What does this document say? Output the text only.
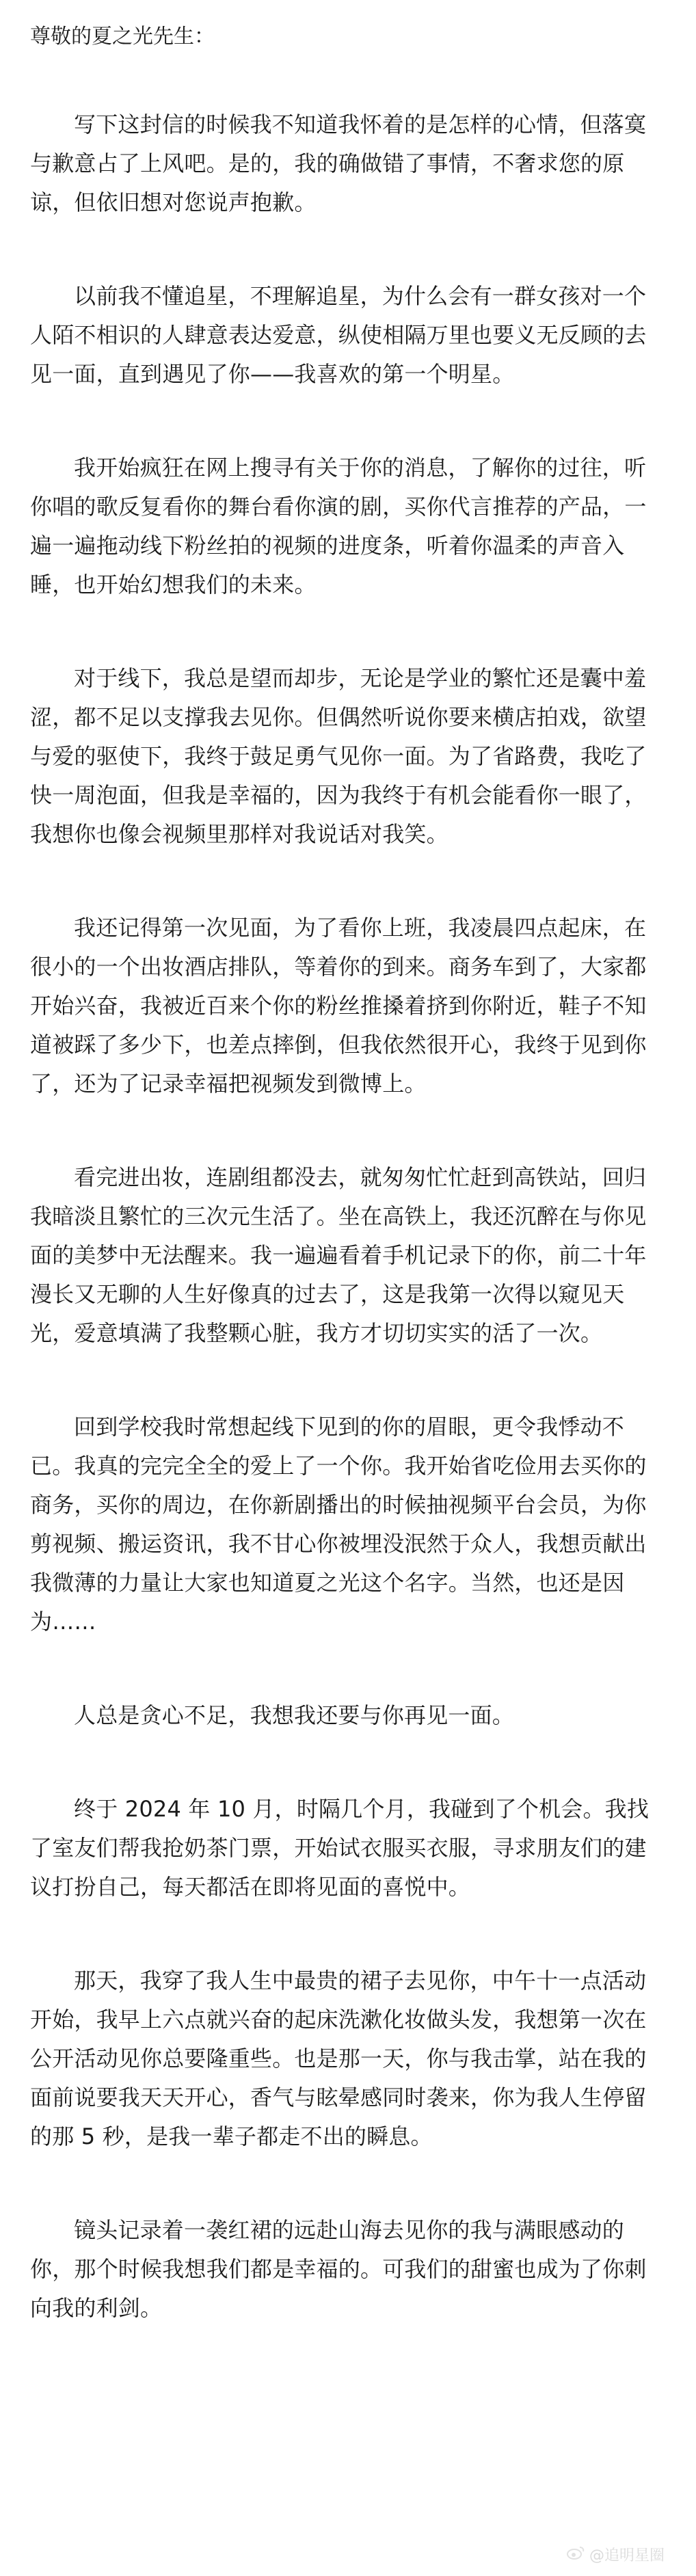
尊敬的夏之光先生：

写下这封信的时候我不知道我怀着的是怎样的心情，但落寞与歉意占了上风吧。是的，我的确做错了事情，不奢求您的原谅，但依旧想对您说声抱歉。

以前我不懂追星，不理解追星，为什么会有一群女孩对一个人陌不相识的人肆意表达爱意，纵使相隔万里也要义无反顾的去见一面，直到遇见了你——我喜欢的第一个明星。

我开始疯狂在网上搜寻有关于你的消息，了解你的过往，听你唱的歌反复看你的舞台看你演的剧，买你代言推荐的产品，一遍一遍拖动线下粉丝拍的视频的进度条，听着你温柔的声音入睡，也开始幻想我们的未来。

对于线下，我总是望而却步，无论是学业的繁忙还是囊中羞涩，都不足以支撑我去见你。但偶然听说你要来横店拍戏，欲望与爱的驱使下，我终于鼓足勇气见你一面。为了省路费，我吃了快一周泡面，但我是幸福的，因为我终于有机会能看你一眼了，我想你也像会视频里那样对我说话对我笑。

我还记得第一次见面，为了看你上班，我凌晨四点起床，在很小的一个出妆酒店排队，等着你的到来。商务车到了，大家都开始兴奋，我被近百来个你的粉丝推搡着挤到你附近，鞋子不知道被踩了多少下，也差点摔倒，但我依然很开心，我终于见到你了，还为了记录幸福把视频发到微博上。

看完进出妆，连剧组都没去，就匆匆忙忙赶到高铁站，回归我暗淡且繁忙的三次元生活了。坐在高铁上，我还沉醉在与你见面的美梦中无法醒来。我一遍遍看着手机记录下的你，前二十年漫长又无聊的人生好像真的过去了，这是我第一次得以窥见天光，爱意填满了我整颗心脏，我方才切切实实的活了一次。

回到学校我时常想起线下见到的你的眉眼，更令我悸动不已。我真的完完全全的爱上了一个你。我开始省吃俭用去买你的商务，买你的周边，在你新剧播出的时候抽视频平台会员，为你剪视频、搬运资讯，我不甘心你被埋没泯然于众人，我想贡献出我微薄的力量让大家也知道夏之光这个名字。当然，也还是因为……

人总是贪心不足，我想我还要与你再见一面。

终于 2024 年 10 月，时隔几个月，我碰到了个机会。我找了室友们帮我抢奶茶门票，开始试衣服买衣服，寻求朋友们的建议打扮自己，每天都活在即将见面的喜悦中。

那天，我穿了我人生中最贵的裙子去见你，中午十一点活动开始，我早上六点就兴奋的起床洗漱化妆做头发，我想第一次在公开活动见你总要隆重些。也是那一天，你与我击掌，站在我的面前说要我天天开心，香气与眩晕感同时袭来，你为我人生停留的那 5 秒，是我一辈子都走不出的瞬息。

镜头记录着一袭红裙的远赴山海去见你的我与满眼感动的你，那个时候我想我们都是幸福的。可我们的甜蜜也成为了你刺向我的利剑。

@追明星圈
